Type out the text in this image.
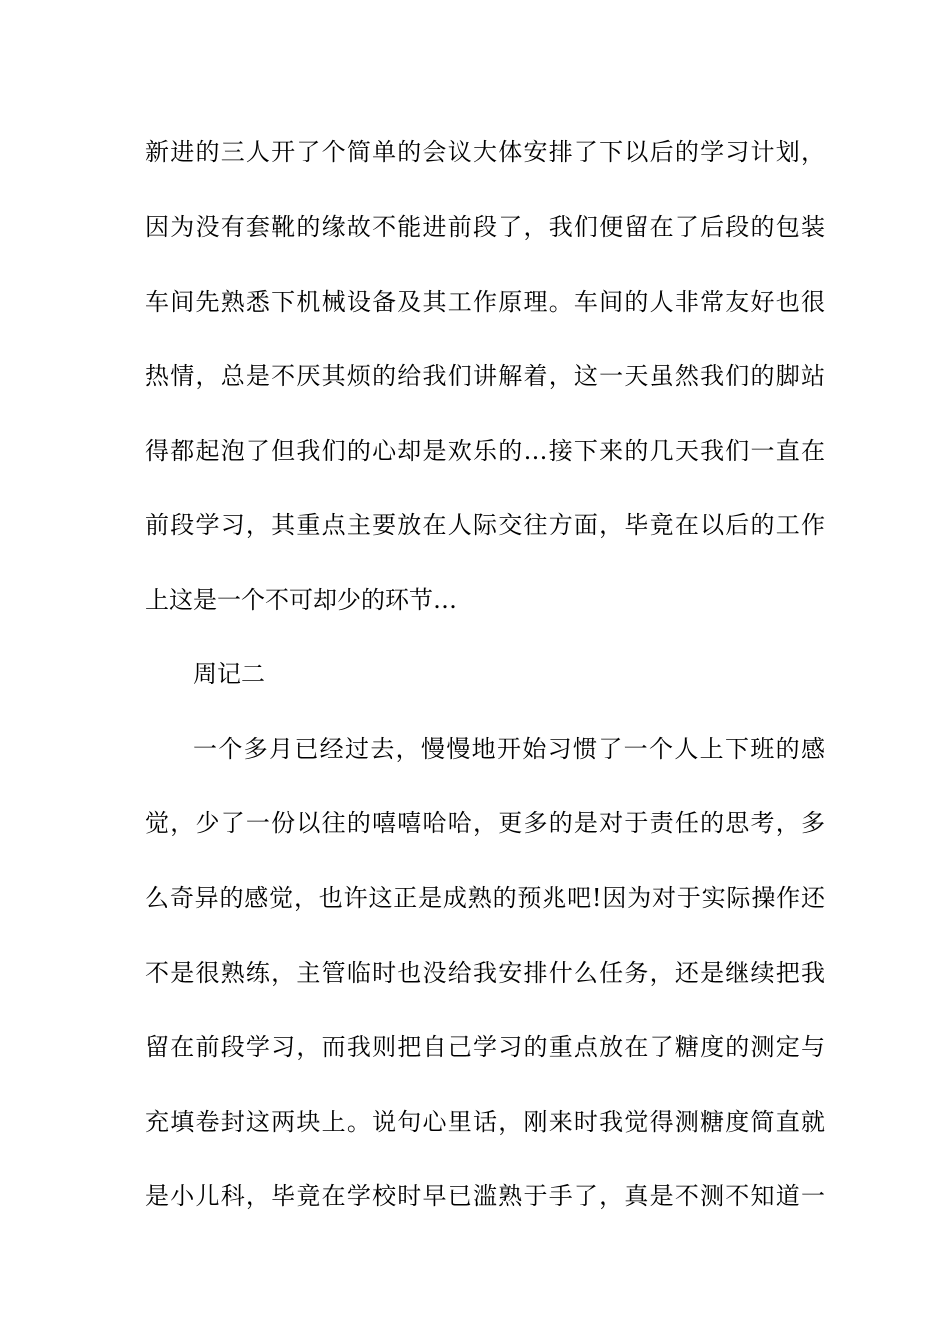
新进的三人开了个简单的会议大体安排了下以后的学习计划，
因为没有套靴的缘故不能进前段了，我们便留在了后段的包装
车间先熟悉下机械设备及其工作原理。车间的人非常友好也很
热情，总是不厌其烦的给我们讲解着，这一天虽然我们的脚站
得都起泡了但我们的心却是欢乐的…接下来的几天我们一直在
前段学习，其重点主要放在人际交往方面，毕竟在以后的工作
上这是一个不可却少的环节…
周记二
一个多月已经过去，慢慢地开始习惯了一个人上下班的感
觉，少了一份以往的嘻嘻哈哈，更多的是对于责任的思考，多
么奇异的感觉，也许这正是成熟的预兆吧!因为对于实际操作还
不是很熟练，主管临时也没给我安排什么任务，还是继续把我
留在前段学习，而我则把自己学习的重点放在了糖度的测定与
充填卷封这两块上。说句心里话，刚来时我觉得测糖度简直就
是小儿科，毕竟在学校时早已滥熟于手了，真是不测不知道一
